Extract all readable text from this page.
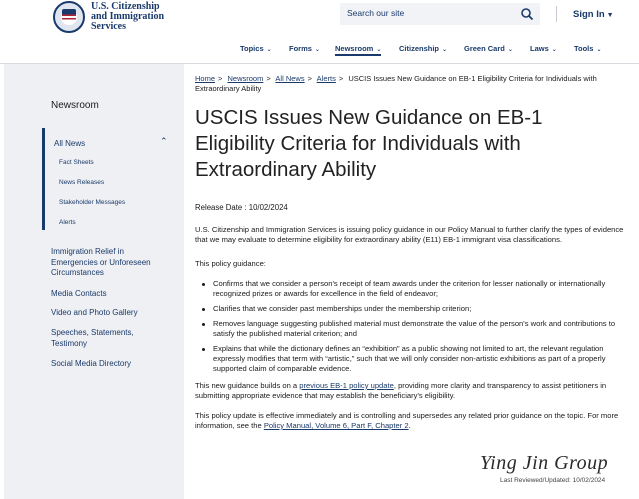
U.S. Citizenship
and Immigration
Services
Search our site	Sign In ▼
Topics ⌄ Forms ⌄ Newsroom ⌄ Citizenship ⌄ Green Card ⌄ Laws ⌄ Tools ⌄
Newsroom
All News	⌃
Fact Sheets
News Releases
Stakeholder Messages
Alerts
Immigration Relief in Emergencies or Unforeseen Circumstances
Media Contacts
Video and Photo Gallery
Speeches, Statements, Testimony
Social Media Directory
Home > Newsroom > All News > Alerts > USCIS Issues New Guidance on EB-1 Eligibility Criteria for Individuals with Extraordinary Ability
USCIS Issues New Guidance on EB-1 Eligibility Criteria for Individuals with Extraordinary Ability
Release Date : 10/02/2024

U.S. Citizenship and Immigration Services is issuing policy guidance in our Policy Manual to further clarify the types of evidence that we may evaluate to determine eligibility for extraordinary ability (E11) EB-1 immigrant visa classifications.

This policy guidance:

Confirms that we consider a person's receipt of team awards under the criterion for lesser nationally or internationally recognized prizes or awards for excellence in the field of endeavor;
Clarifies that we consider past memberships under the membership criterion;
Removes language suggesting published material must demonstrate the value of the person's work and contributions to satisfy the published material criterion; and
Explains that while the dictionary defines an “exhibition” as a public showing not limited to art, the relevant regulation expressly modifies that term with “artistic,” such that we will only consider non-artistic exhibitions as part of a properly supported claim of comparable evidence.

This new guidance builds on a previous EB-1 policy update, providing more clarity and transparency to assist petitioners in submitting appropriate evidence that may establish the beneficiary's eligibility.

This policy update is effective immediately and is controlling and supersedes any related prior guidance on the topic. For more information, see the Policy Manual, Volume 6, Part F, Chapter 2.

Ying Jin Group
Last Reviewed/Updated: 10/02/2024
